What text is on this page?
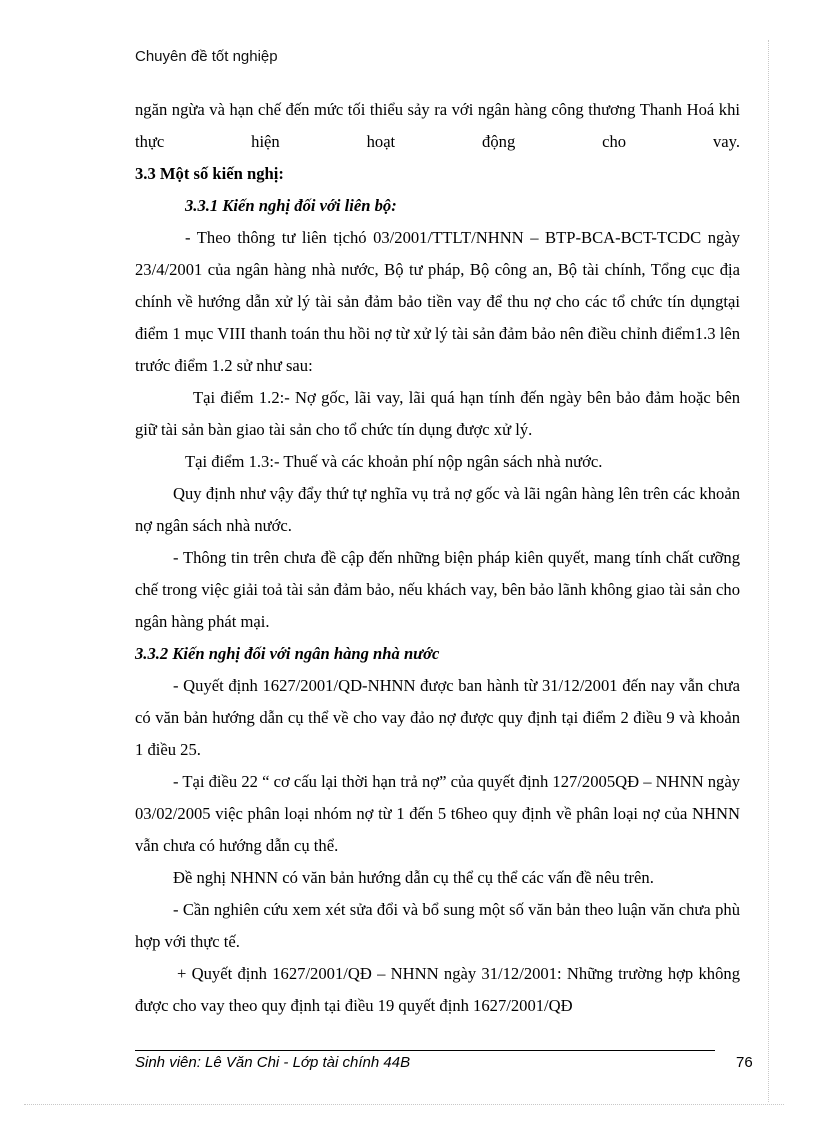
Chuyên đề tốt nghiệp

ngăn ngừa và hạn chế đến mức tối thiểu sảy ra với ngân hàng công thương Thanh Hoá khi thực hiện hoạt động cho vay.

3.3 Một số kiến nghị:

3.3.1 Kiến nghị đối với liên bộ:

- Theo thông tư liên tịchó 03/2001/TTLT/NHNN – BTP-BCA-BCT-TCDC ngày 23/4/2001 của ngân hàng nhà nước, Bộ tư pháp, Bộ công an, Bộ tài chính, Tổng cục địa chính về hướng dẫn xử lý tài sản đảm bảo tiền vay để thu nợ cho các tổ chức tín dụngtại điểm 1 mục VIII thanh toán thu hồi nợ từ xử lý tài sản đảm bảo nên điều chỉnh điểm1.3 lên trước điểm 1.2 sử như sau:

Tại điểm 1.2:- Nợ gốc, lãi vay, lãi quá hạn tính đến ngày bên bảo đảm hoặc bên giữ tài sản bàn giao tài sản cho tổ chức tín dụng được xử lý.

Tại điểm 1.3:- Thuế và các khoản phí nộp ngân sách nhà nước.

Quy định như vậy đẩy thứ tự nghĩa vụ trả nợ gốc và lãi ngân hàng lên trên các khoản nợ ngân sách nhà nước.

- Thông tin trên chưa đề cập đến những biện pháp kiên quyết, mang tính chất cưỡng chế trong việc giải toả tài sản đảm bảo, nếu khách vay, bên bảo lãnh không giao tài sản cho ngân hàng phát mại.

3.3.2 Kiến nghị đối với ngân hàng nhà nước

- Quyết định 1627/2001/QD-NHNN được ban hành từ 31/12/2001 đến nay vẫn chưa có văn bản hướng dẫn cụ thể về cho vay đảo nợ được quy định tại điểm 2 điều 9 và khoản 1 điều 25.

- Tại điều 22 “ cơ cấu lại thời hạn trả nợ” của quyết định 127/2005QĐ – NHNN ngày 03/02/2005 việc phân loại nhóm nợ từ 1 đến 5 t6heo quy định về phân loại nợ của NHNN vẫn chưa có hướng dẫn cụ thể.

Đề nghị NHNN có văn bản hướng dẫn cụ thể cụ thể các vấn đề nêu trên.

- Cần nghiên cứu xem xét sửa đổi và bổ sung một số văn bản theo luận văn chưa phù hợp với thực tế.

+ Quyết định 1627/2001/QĐ – NHNN ngày 31/12/2001: Những trường hợp không được cho vay theo quy định tại điều 19 quyết định 1627/2001/QĐ

Sinh viên: Lê Văn Chi - Lớp tài chính 44B	76
